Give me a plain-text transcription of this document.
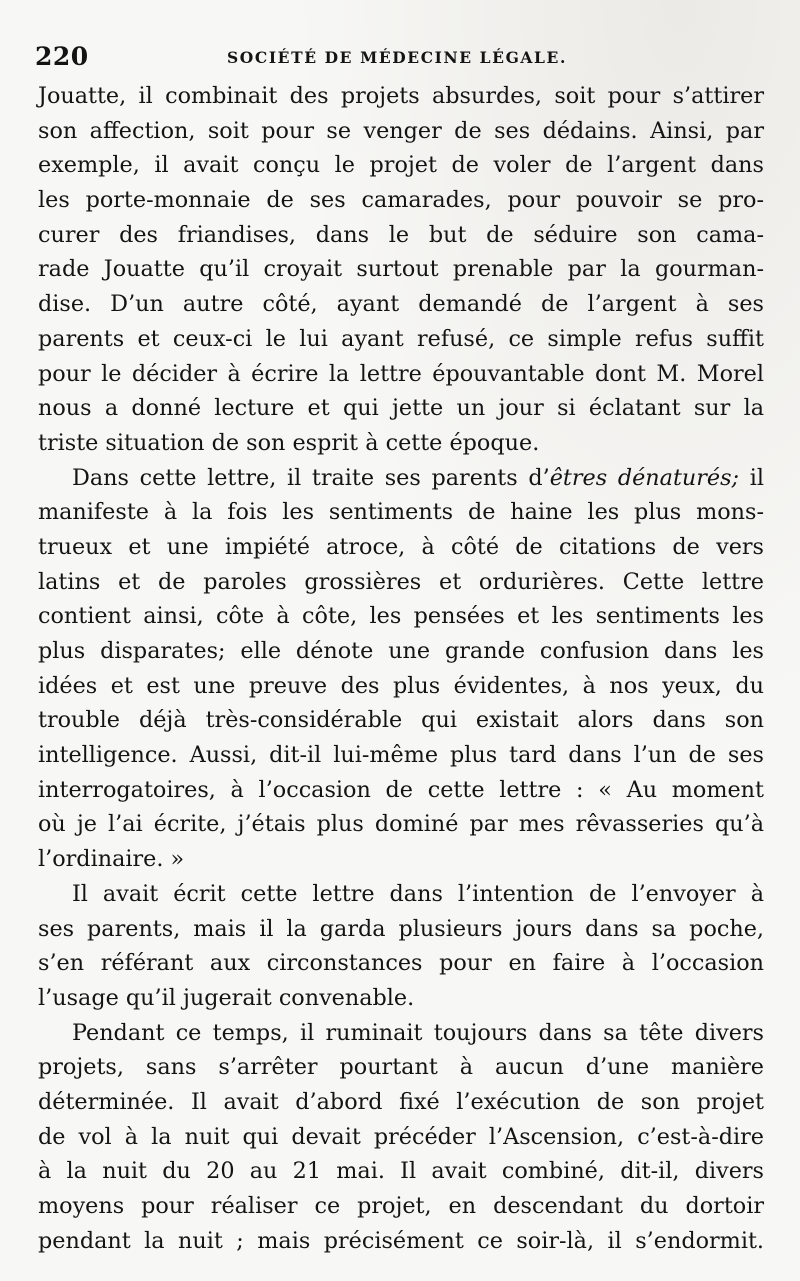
220	SOCIÉTÉ DE MÉDECINE LÉGALE.
Jouatte, il combinait des projets absurdes, soit pour s’attirer
son affection, soit pour se venger de ses dédains. Ainsi, par
exemple, il avait conçu le projet de voler de l’argent dans
les porte-monnaie de ses camarades, pour pouvoir se pro-
curer des friandises, dans le but de séduire son cama-
rade Jouatte qu’il croyait surtout prenable par la gourman-
dise. D’un autre côté, ayant demandé de l’argent à ses
parents et ceux-ci le lui ayant refusé, ce simple refus suffit
pour le décider à écrire la lettre épouvantable dont M. Morel
nous a donné lecture et qui jette un jour si éclatant sur la
triste situation de son esprit à cette époque.
Dans cette lettre, il traite ses parents d’êtres dénaturés; il
manifeste à la fois les sentiments de haine les plus mons-
trueux et une impiété atroce, à côté de citations de vers
latins et de paroles grossières et ordurières. Cette lettre
contient ainsi, côte à côte, les pensées et les sentiments les
plus disparates; elle dénote une grande confusion dans les
idées et est une preuve des plus évidentes, à nos yeux, du
trouble déjà très-considérable qui existait alors dans son
intelligence. Aussi, dit-il lui-même plus tard dans l’un de ses
interrogatoires, à l’occasion de cette lettre : « Au moment
où je l’ai écrite, j’étais plus dominé par mes rêvasseries qu’à
l’ordinaire. »
Il avait écrit cette lettre dans l’intention de l’envoyer à
ses parents, mais il la garda plusieurs jours dans sa poche,
s’en référant aux circonstances pour en faire à l’occasion
l’usage qu’il jugerait convenable.
Pendant ce temps, il ruminait toujours dans sa tête divers
projets, sans s’arrêter pourtant à aucun d’une manière
déterminée. Il avait d’abord fixé l’exécution de son projet
de vol à la nuit qui devait précéder l’Ascension, c’est-à-dire
à la nuit du 20 au 21 mai. Il avait combiné, dit-il, divers
moyens pour réaliser ce projet, en descendant du dortoir
pendant la nuit ; mais précisément ce soir-là, il s’endormit.
